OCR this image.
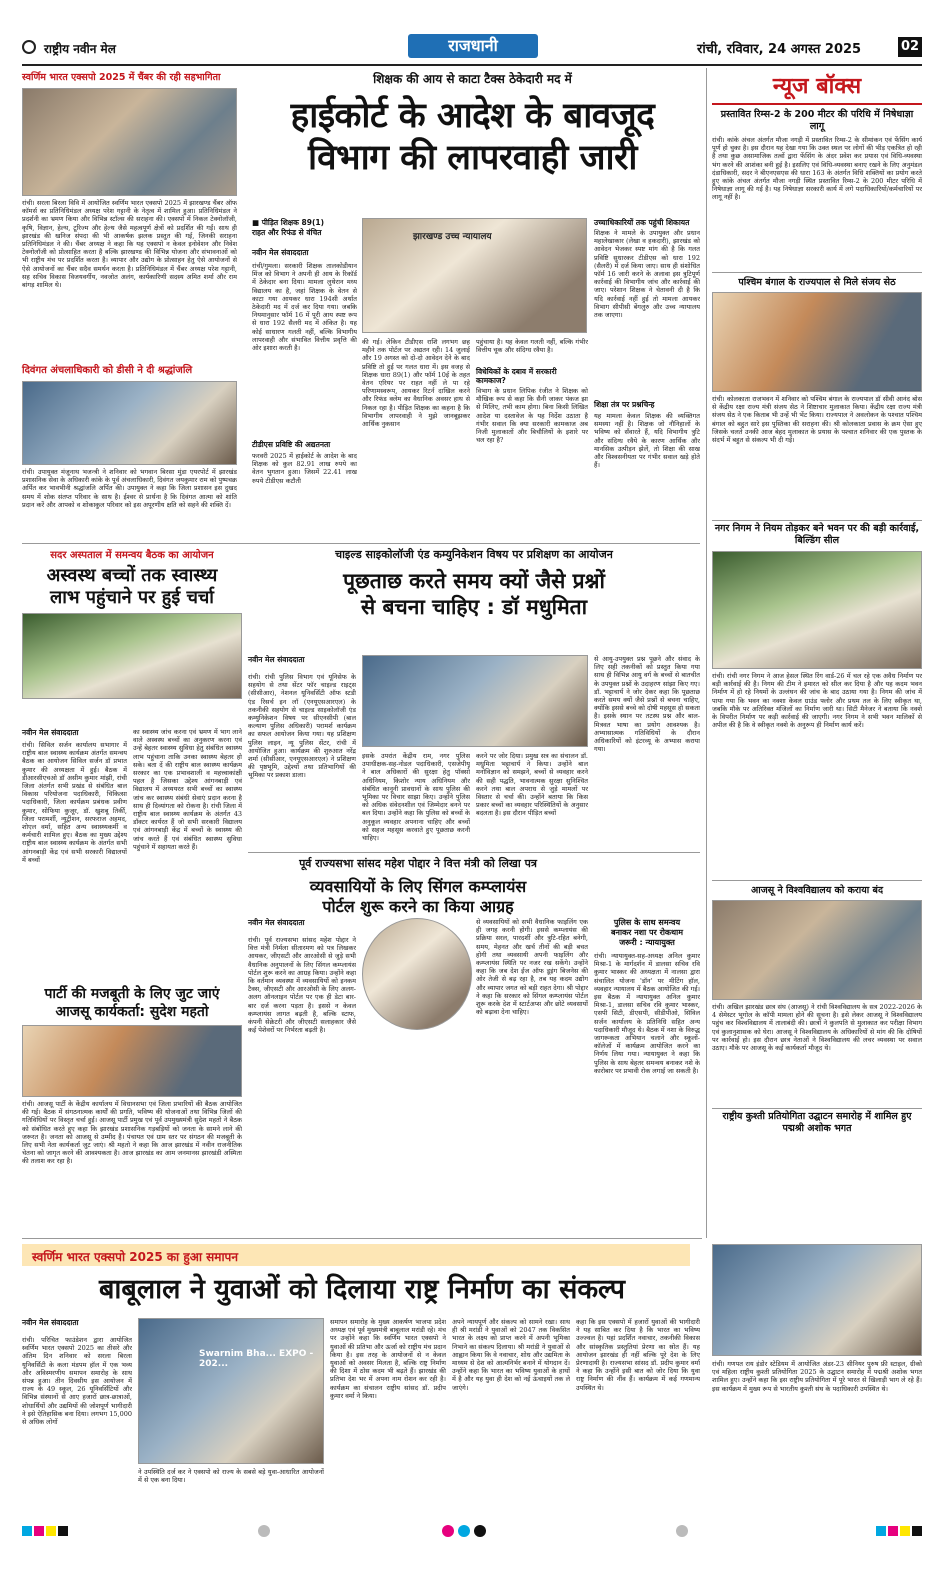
राष्ट्रीय नवीन मेल	राजधानी	रांची, रविवार, 24 अगस्त 2025	02
स्वर्णिम भारत एक्सपो 2025 में चैंबर की रही सहभागिता
रांची। सरला बिरला विवि में आयोजित स्वर्णिम भारत एक्सपो 2025 में झारखण्ड चैंबर ऑफ कॉमर्स का प्रतिनिधिमंडल अध्यक्ष परेश गट्टानी के नेतृत्व में शामिल हुआ। प्रतिनिधिमंडल ने प्रदर्शनी का भ्रमण किया और विभिन्न स्टॉल्स की सराहना की। एक्सपो में निकल टेक्नोलॉजी, कृषि, विज्ञान, हेल्थ, टूरिज्म और हेल्थ जैसे महत्वपूर्ण क्षेत्रों को प्रदर्शित की गईं। साथ ही झारखंड की खनिज संपदा की भी आकर्षक झलक प्रस्तुत की गई, जिनकी सराहना प्रतिनिधिमंडल ने की। चैंबर अध्यक्ष ने कहा कि यह एक्सपो न केवल इनोवेशन और निवेश टेक्नोलॉजी को प्रोत्साहित करता है बल्कि झारखण्ड की विभिन्न योजना और संभावनाओं को भी राष्ट्रीय मंच पर प्रदर्शित करता है। व्यापार और उद्योग के प्रोत्साहन हेतु ऐसे आयोजनों से ऐसे आयोजनों का चैंबर सदैव समर्थन करता है। प्रतिनिधिमंडल में चैंबर अध्यक्ष परेश गट्टानी, सह सचिव विकास विजयवर्गीय, नवजोत अलंग, कार्यकारिणी सदस्य अमित शर्मा और राम बांगड़ शामिल थे।
दिवंगत अंचलाधिकारी को डीसी ने दी श्रद्धांजलि
रांची। उपायुक्त मंजूनाथ भजन्त्री ने शनिवार को भगवान बिरसा मुंडा एयरपोर्ट में झारखंड प्रशासनिक सेवा के अधिकारी कांके के पूर्व अंचलाधिकारी, दिवंगत जयकुमार राम को पुष्पचक्र अर्पित कर भावभीनी श्रद्धांजलि अर्पित की। उपायुक्त ने कहा कि जिला प्रशासन इस दुखद समय में शोक संतप्त परिवार के साथ है। ईश्वर से प्रार्थना है कि दिवंगत आत्मा को शांति प्रदान करें और आपको व शोकाकुल परिवार को इस अपूरणीय क्षति को सहने की शक्ति दें।
शिक्षक की आय से काटा टैक्स ठेकेदारी मद में
हाईकोर्ट के आदेश के बावजूद
विभाग की लापरवाही जारी
■ पीड़ित शिक्षक 89(1)
राहत और रिफंड से वंचित
नवीन मेल संवाददाता
रांची/गुमला। सरकारी शिक्षक तालकोडीयान मिंज को विभाग ने अपनी ही आय के रिकॉर्ड में ठेकेदार बना दिया। मामला लुथेरान मध्य विद्यालय का है, जहां शिक्षक के वेतन से काटा गया आयकर धारा 194सी अर्थात ठेकेदारी मद में दर्ज कर दिया गया। जबकि नियमानुसार फॉर्म 16 में पूरी आय स्पष्ट रूप से धारा 192 सैलरी मद में अंकित है। यह कोई साधारण गलती नहीं, बल्कि विभागीय लापरवाही और संभावित वित्तीय प्रवृत्ति की ओर इशारा करती है।
टीडीएस प्रविष्टि की अद्यतनता
फरवरी 2025 में हाईकोर्ट के आदेश के बाद शिक्षक को कुल 82.91 लाख रुपये का वेतन भुगतान हुआ। जिसमें 22.41 लाख रुपये टीडीएस कटौती
झारखण्ड उच्च न्यायालय
की गई। लेकिन टीडीएस राशि लगभग छह महीने तक पोर्टल पर अद्यतन रही। 14 जुलाई और 19 अगस्त को दो-दो आवेदन देने के बाद प्रविष्टि तो हुई पर गलत धारा में। इस वजह से शिक्षक धारा 89(1) और फॉर्म 10ई के तहत वेतन एरियर पर राहत नहीं ले पा रहे परिणामस्वरूप, आयकर रिटर्न दाखिल करने और रिफंड क्लेम का वैधानिक अवसर हाथ से निकल रहा है। पीड़ित शिक्षक का कहना है कि विभागीय लापरवाही ने मुझे जानबूझकर आर्थिक नुकसान
पहुंचाया है। यह केवल गलती नहीं, बल्कि गंभीर वित्तीय चूक और संदिग्ध रवैया है।
विधेयिकों के दबाव में सरकारी कामकाज?
विभाग के प्रधान लिपिक रंजीत ने शिक्षक को मौखिक रूप से कहा कि सैनी जाकर पंकज झा से मिलिए, तभी काम होगा। बिना किसी लिखित आदेश या दस्तावेज के यह निर्देश उठाता है गंभीर सवाल कि क्या सरकारी कामकाज अब निजी मुलाकातों और बिचौलियों के इशारे पर चल रहा है?
उच्चाधिकारियों तक पहुंची शिकायत
शिक्षक ने मामले के उपायुक्त और प्रधान महालेखाकार (लेखा व हकदारी), झारखंड को आवेदन भेजकर स्पष्ट मांग की है कि गलत प्रविष्टि सुधारकर टीडीएस को धारा 192 (सैलरी) में दर्ज किया जाए। साथ ही संशोधित फॉर्म 16 जारी करने के अलावा इस त्रुटिपूर्ण कार्रवाई की विभागीय जांच और कार्रवाई की जाए। परेशान शिक्षक ने चेतावनी दी है कि यदि कार्रवाई नहीं हुई तो मामला आयकर विभाग सीपीसी बेंगलुरु और उच्च न्यायालय तक जाएगा।
शिक्षा तंत्र पर प्रश्नचिन्ह
यह मामला केवल शिक्षक की व्यक्तिगत समस्या नहीं है। शिक्षक जो नौनिहालों के भविष्य को सँवारते हैं, यदि विभागीय त्रुटि और संदिग्ध रवैये के कारण आर्थिक और मानसिक उत्पीड़न झेलें, तो शिक्षा की साख और विश्वसनीयता पर गंभीर सवाल खड़े होते हैं।
न्यूज बॉक्स
प्रस्तावित रिम्स-2 के 200 मीटर की परिधि में निषेधाज्ञा लागू
रांची। कांके अंचल अंतर्गत मौजा नगड़ी में प्रस्तावित रिम्स-2 के सीमांकन एवं फेंसिंग कार्य पूर्ण हो चुका है। इस दौरान यह देखा गया कि उक्त स्थल पर लोगों की भीड़ एकत्रित हो रही है तथा कुछ असामाजिक तत्वों द्वारा फेंसिंग के अंदर प्रवेश कर प्रयास एवं विधि-व्यवस्था भंग करने की आशंका बनी हुई है। इसलिए एवं विधि-व्यवस्था बनाए रखने के लिए अनुमंडल दंडाधिकारी, सदर ने बीएनएसएस की धारा 163 के अंतर्गत विधि शक्तियों का प्रयोग करते हुए कांके अंचल अंतर्गत मौजा नगड़ी स्थित प्रस्तावित रिम्स-2 के 200 मीटर परिधि में निषेधाज्ञा लागू की गई है। यह निषेधाज्ञा सरकारी कार्य में लगे पदाधिकारियों/कर्मचारियों पर लागू नहीं है।
पश्चिम बंगाल के राज्यपाल से मिले संजय सेठ
रांची। कोलकाता राजभवन में शनिवार को पश्चिम बंगाल के राज्यपाल डॉ सीवी आनंद बोस से केंद्रीय रक्षा राज्य मंत्री संजय सेठ ने शिष्टाचार मुलाकात किया। केंद्रीय रक्षा राज्य मंत्री संजय सेठ ने एक किताब भी उन्हें भी भेंट किया। राज्यपाल ने अवलोकन के पश्चात पश्चिम बंगाल को बहुत सारे इस पुस्तिका की सराहना की। श्री कोलकाता प्रवास के क्रम ऐसा हुए जिसके चलते उनकी आज बेहद मुलाकात के प्रयास के पश्चात शनिवार की एक पुस्तक के संदर्भ में बहुत से संकल्प भी दी गई।
नगर निगम ने नियम तोड़कर बने भवन पर की बड़ी कार्रवाई, बिल्डिंग सील
रांची। रांची नगर निगम ने आज हेसल स्थित रिंग वार्ड-26 में चल रहे एक अवैध निर्माण पर बड़ी कार्रवाई की है। निगम की टीम ने इमारत को सील कर दिया है और यह कदम भवन निर्माण में हो रहे नियमों के उल्लंघन की जांच के बाद उठाया गया है। निगम की जांच में पाया गया कि भवन का नक्शा केवल ग्राउंड फ्लोर और प्रथम तल के लिए स्वीकृत था, जबकि मौके पर अतिरिक्त मंजिलों का निर्माण जारी था। सिटी मैनेजर ने बताया कि नक्शे के विपरीत निर्माण पर कड़ी कार्रवाई की जाएगी। नगर निगम ने सभी भवन मालिकों से अपील की है कि वे स्वीकृत नक्शे के अनुरूप ही निर्माण कार्य करें।
आजसू ने विश्वविद्यालय को कराया बंद
रांची। अखिल झारखंड छात्र संघ (आजसू) ने रांची विश्वविद्यालय के सत्र 2022-2026 के 4 सेमेस्टर भूगोल के कॉपी मामला होने की सूचना है। इसे लेकर आजसू ने विश्वविद्यालय पहुंच कर विश्वविद्यालय में तालाबंदी की। छात्रों ने कुलपति से मुलाकात कर परीक्षा विभाग एवं कुलानुशासक को घेरा। आजसू ने विश्वविद्यालय के अधिकारियों से मांग की कि दोषियों पर कार्रवाई हो। इस दौरान छात्र नेताओं ने विश्वविद्यालय की लचर व्यवस्था पर सवाल उठाए। मौके पर आजसू के कई कार्यकर्ता मौजूद थे।
राष्ट्रीय कुश्ती प्रतियोगिता उद्घाटन समारोह में शामिल हुए पद्मश्री अशोक भगत
रांची। गणपत राय इंडोर स्टेडियम में आयोजित अंडर-23 सीनियर पुरुष फ्री स्टाइल, ग्रीको एवं महिला राष्ट्रीय कुश्ती प्रतियोगिता 2025 के उद्घाटन समारोह में पद्मश्री अशोक भगत शामिल हुए। उन्होंने कहा कि इस राष्ट्रीय प्रतियोगिता में पूरे भारत से खिलाड़ी भाग ले रहे हैं। इस कार्यक्रम में मुख्य रूप से भारतीय कुश्ती संघ के पदाधिकारी उपस्थित थे।
सदर अस्पताल में समन्वय बैठक का आयोजन
अस्वस्थ बच्चों तक स्वास्थ्य
लाभ पहुंचाने पर हुई चर्चा
नवीन मेल संवाददाता
रांची। सिविल सर्जन कार्यालय सभागार में राष्ट्रीय बाल स्वास्थ्य कार्यक्रम अंतर्गत समन्वय बैठक का आयोजन सिविल सर्जन डॉ प्रभात कुमार की अध्यक्षता में हुई। बैठक में डीआरसीएचओ डॉ असीम कुमार मांझी, रांची जिला अंतर्गत सभी प्रखंड से संबंधित बाल विकास परियोजना पदाधिकारी, चिकित्सा पदाधिकारी, जिला कार्यक्रम प्रबंधक प्रवीण कुमार, सोफिया कुजूर, डॉ. खुशबू तिर्की, जिला परामर्शी, न्यूट्रीशन, सरफराज अहमद, शोएल वर्मा, सहित अन्य स्वास्थ्यकर्मी व कर्मचारी शामिल हुए। बैठक का मुख्य उद्देश्य राष्ट्रीय बाल स्वास्थ्य कार्यक्रम के अंतर्गत सभी आंगनबाड़ी केंद्र एवं सभी सरकारी विद्यालयों में बच्चों
का स्वास्थ्य जांच करना एवं भ्रमण में भाग लाने वाले अस्वस्थ बच्चों का अनुकरण करना एवं उन्हें बेहतर स्वास्थ्य सुविधा हेतु संबंधित स्वास्थ्य लाभ पहुंचाना ताकि उनका स्वास्थ्य बेहतर हो सके। बता दें की राष्ट्रीय बाल स्वास्थ्य कार्यक्रम सरकार का एक प्रभावशाली व महत्त्वाकांक्षी पहल है जिसका उद्देश्य आंगनबाड़ी एवं विद्यालय में अध्ययरत सभी बच्चों का स्वास्थ्य जांच कर स्वास्थ्य संबंधी सेवाएं प्रदान करना है साथ ही दिव्यांगता को रोकना है। रांची जिला में राष्ट्रीय बाल स्वास्थ्य कार्यक्रम के अंतर्गत 43 डॉक्टर कार्यरत हैं जो सभी सरकारी विद्यालय एवं आंगनबाड़ी केंद्र में बच्चों के स्वास्थ्य की जांच करते हैं एवं संबंधित स्वास्थ्य सुविधा पहुंचाने में सहायता करते हैं।
पार्टी की मजबूती के लिए जुट जाएं
आजसू कार्यकर्ता: सुदेश महतो
रांची। आजसू पार्टी के केंद्रीय कार्यालय में विधानसभा एवं जिला प्रभारियों की बैठक आयोजित की गई। बैठक में संगठनात्मक कार्यों की प्रगति, भविष्य की योजनाओं तथा विभिन्न जिलों की गतिविधियों पर विस्तृत चर्चा हुई। आजसू पार्टी प्रमुख एवं पूर्व उपमुख्यमंत्री सुदेश महतो ने बैठक को संबोधित करते हुए कहा कि झारखंड प्रशासनिक गड़बड़ियों को जनता के सामने लाने की जरूरत है। जनता को आजसू से उम्मीद है। पंचायत एवं ग्राम स्तर पर संगठन की मजबूती के लिए सभी नेता कार्यकर्ता जुट जाएं। श्री महतो ने कहा कि आज झारखंड में नवीन राजनीतिक चेतना को जागृत करने की आवश्यकता है। आज झारखंड का आम जनमानस झारखंडी अस्मिता की तलाश कर रहा है।
चाइल्ड साइकोलॉजी एंड कम्युनिकेशन विषय पर प्रशिक्षण का आयोजन
पूछताछ करते समय क्यों जैसे प्रश्नों
से बचना चाहिए : डॉ मधुमिता
नवीन मेल संवाददाता
रांची। रांची पुलिस विभाग एवं यूनिसेफ के सहयोग से तथा सेंटर फॉर चाइल्ड राइट्स (सीसीआर), नेशनल यूनिवर्सिटी ऑफ स्टडी एंड रिसर्च इन लॉ (एनयूएसआरएल) के तकनीकी सहयोग से चाइल्ड साइकोलॉजी एंड कम्युनिकेशन विषय पर सीएनसीपी (बाल कल्याण पुलिस अधिकारी) परामर्श कार्यक्रम का सफल आयोजन किया गया। यह प्रशिक्षण पुलिस लाइन, न्यू पुलिस सेंटर, रांची में आयोजित हुआ। कार्यक्रम की शुरुआत नरेंद्र शर्मा (सीसीआर, एनयूएसआरएल) ने प्रशिक्षण की पृष्ठभूमि, उद्देश्यों तथा प्रतिभागियों की भूमिका पर प्रकाश डाला।
इसके उपरांत केंद्रीय राम, नगर पुलिस उपाधीक्षक-सह-नोडल पदाधिकारी, एसजेपीयू ने बाल अधिकारों की सुरक्षा हेतु पॉक्सो अधिनियम, किशोर न्याय अधिनियम और संबंधित कानूनी प्रावधानों के साथ पुलिस की भूमिका पर विचार साझा किए। उन्होंने पुलिस को अधिक संवेदनशील एवं जिम्मेदार बनने पर बल दिया। उन्होंने कहा कि पुलिस को बच्चों के अनुकूल व्यवहार अपनाना चाहिए और बच्चों को सहज महसूस करवाते हुए पूछताछ करनी चाहिए।
करने पर जोर दिया। प्रमुख सत्र का संचालन डॉ. मधुमिता भट्टाचार्य ने किया। उन्होंने बाल मनोविज्ञान को समझने, बच्चों से व्यवहार करने की सही पद्धति, भावनात्मक सुरक्षा सुनिश्चित करने तथा बाल अपराध से जुड़े मामलों पर विस्तार से चर्चा की। उन्होंने बताया कि किस प्रकार बच्चों का व्यवहार परिस्थितियों के अनुसार बदलता है। इस दौरान पीड़ित बच्चों
से आयु-उपयुक्त प्रश्न पूछने और संवाद के लिए सही तकनीकों को प्रस्तुत किया गया साथ ही विभिन्न आयु वर्ग के बच्चों से बातचीत के उपयुक्त प्रश्नों के उदाहरण सांझा किए गए। डॉ. भट्टाचार्य ने जोर देकर कहा कि पूछताछ करते समय क्यों जैसे प्रश्नों से बचना चाहिए, क्योंकि इससे बच्चे को दोषी महसूस हो सकता है। इसके स्थान पर तटस्थ प्रश्न और बाल-मित्रवत भाषा का प्रयोग आवश्यक है। अभ्यासात्मक गतिविधियों के दौरान अधिकारियों को इंटरव्यू के अभ्यास कराया गया।
पूर्व राज्यसभा सांसद महेश पोद्दार ने वित्त मंत्री को लिखा पत्र
व्यवसायियों के लिए सिंगल कम्प्लायंस
पोर्टल शुरू करने का किया आग्रह
नवीन मेल संवाददाता
रांची। पूर्व राज्यसभा सांसद महेश पोद्दार ने वित्त मंत्री निर्मला सीतारमण को पत्र लिखकर आयकर, जीएसटी और आरओसी से जुड़े सभी वैधानिक अनुपालनों के लिए सिंगल कम्प्लायंस पोर्टल शुरू करने का आग्रह किया। उन्होंने कहा कि वर्तमान व्यवस्था में व्यवसायियों को इनकम टैक्स, जीएसटी और आरओसी के लिए अलग-अलग ऑनलाइन पोर्टल पर एक ही डेटा बार-बार दर्ज करना पड़ता है। इससे न केवल कम्प्लायंस लागत बढ़ती है, बल्कि स्टाफ, कंपनी सेक्रेटरी और जीएसटी सलाहकार जैसे कई पेशेवरों पर निर्भरता बढ़ती है।
से व्यवसायियों को सभी वैधानिक फाइलिंग एक ही जगह करनी होगी। इससे कम्प्लायंस की प्रक्रिया सरल, पारदर्शी और त्रुटि-रहित बनेगी, समय, मेहनत और खर्च तीनों की बड़ी बचत होगी तथा व्यवसायी अपनी फाइलिंग और कम्प्लायंस स्थिति पर नजर रख सकेंगे। उन्होंने कहा कि जब देश ईज ऑफ डूइंग बिजनेस की ओर तेजी से बढ़ रहा है, तब यह कदम उद्योग और व्यापार जगत को बड़ी राहत देगा। श्री पोद्दार ने कहा कि सरकार को सिंगल कम्प्लायंस पोर्टल शुरू करके देश में स्टार्टअप्स और छोटे व्यवसायों को बढ़ावा देना चाहिए।
पुलिस के साथ समन्वय
बनाकर नशा पर रोकथाम
जरूरी : न्यायायुक्त
रांची। न्यायायुक्त-सह-अध्यक्ष अनिल कुमार मिश्रा-1 के मार्गदर्शन में डालसा सचिव रवि कुमार भास्कर की अध्यक्षता में नालसा द्वारा संचालित योजना 'डॉन' पर मीटिंग हॉल, व्यवहार न्यायालय में बैठक आयोजित की गई। इस बैठक में न्यायायुक्त अनिल कुमार मिश्रा-1, डालसा सचिव रवि कुमार भास्कर, एसपी सिटी, डीएसपी, सीडीपीओ, सिविल सर्जन कार्यालय के प्रतिनिधि सहित अन्य पदाधिकारी मौजूद थे। बैठक में नशा के विरुद्ध जागरूकता अभियान चलाने और स्कूलों-कॉलेजों में कार्यक्रम आयोजित करने का निर्णय लिया गया। न्यायायुक्त ने कहा कि पुलिस के साथ बेहतर समन्वय बनाकर नशे के कारोबार पर प्रभावी रोक लगाई जा सकती है।
स्वर्णिम भारत एक्सपो 2025 का हुआ समापन
बाबूलाल ने युवाओं को दिलाया राष्ट्र निर्माण का संकल्प
नवीन मेल संवाददाता
रांची। परिचित फाउंडेशन द्वारा आयोजित स्वर्णिम भारत एक्सपो 2025 का तीसरे और अंतिम दिन शनिवार को सरला बिरला यूनिवर्सिटी के कला मंडपम हॉल में एक भव्य और अविस्मरणीय समापन समारोह के साथ संपन्न हुआ। तीन दिवसीय इस आयोजन में राज्य के 49 स्कूल, 26 यूनिवर्सिटियों और विभिन्न संस्थानों से आए हजारों छात्र-छात्राओं, शोधार्थियों और उद्यमियों की जोशपूर्ण भागीदारी ने इसे ऐतिहासिक बना दिया। लगभग 15,000 से अधिक लोगों
Swarnim Bha... EXPO - 202...
ने उपस्थिति दर्ज कर ने एक्सपो को राज्य के सबसे बड़े युवा-आधारित आयोजनों में से एक बना दिया।
समापन समारोह के मुख्य आकर्षण भाजपा प्रदेश अध्यक्ष एवं पूर्व मुख्यमंत्री बाबूलाल मरांडी रहे। मंच पर उन्होंने कहा कि स्वर्णिम भारत एक्सपो ने युवाओं की प्रतिभा और ऊर्जा को राष्ट्रीय मंच प्रदान किया है। इस तरह के आयोजनों से न केवल युवाओं को अवसर मिलता है, बल्कि राष्ट्र निर्माण की दिशा में ठोस कदम भी बढ़ते हैं। झारखंड की प्रतिभा देश भर में अपना नाम रोशन कर रही है। कार्यक्रम का संचालन राष्ट्रीय सांसद डॉ. प्रदीप कुमार वर्मा ने किया।
अपने न्यायपूर्ण और संकल्प को सामने रखा। साथ ही श्री मरांडी ने युवाओं को 2047 तक विकसित भारत के लक्ष्य को प्राप्त करने में अपनी भूमिका निभाने का संकल्प दिलाया। श्री मरांडी ने युवाओं से आह्वान किया कि वे नवाचार, शोध और उद्यमिता के माध्यम से देश को आत्मनिर्भर बनाने में योगदान दें। उन्होंने कहा कि भारत का भविष्य युवाओं के हाथों में है और यह युवा ही देश को नई ऊंचाइयों तक ले जाएंगे।
कहा कि इस एक्सपो में हजारों युवाओं की भागीदारी ने यह साबित कर दिया है कि भारत का भविष्य उज्ज्वल है। यहां प्रदर्शित नवाचार, तकनीकी विकास और सांस्कृतिक प्रस्तुतियां प्रेरणा का स्रोत हैं। यह आयोजन झारखंड ही नहीं बल्कि पूरे देश के लिए प्रेरणादायी है। राज्यसभा सांसद डॉ. प्रदीप कुमार वर्मा ने कहा कि उन्होंने इसी बात को जोर दिया कि युवा राष्ट्र निर्माण की नींव हैं। कार्यक्रम में कई गणमान्य उपस्थित थे।
